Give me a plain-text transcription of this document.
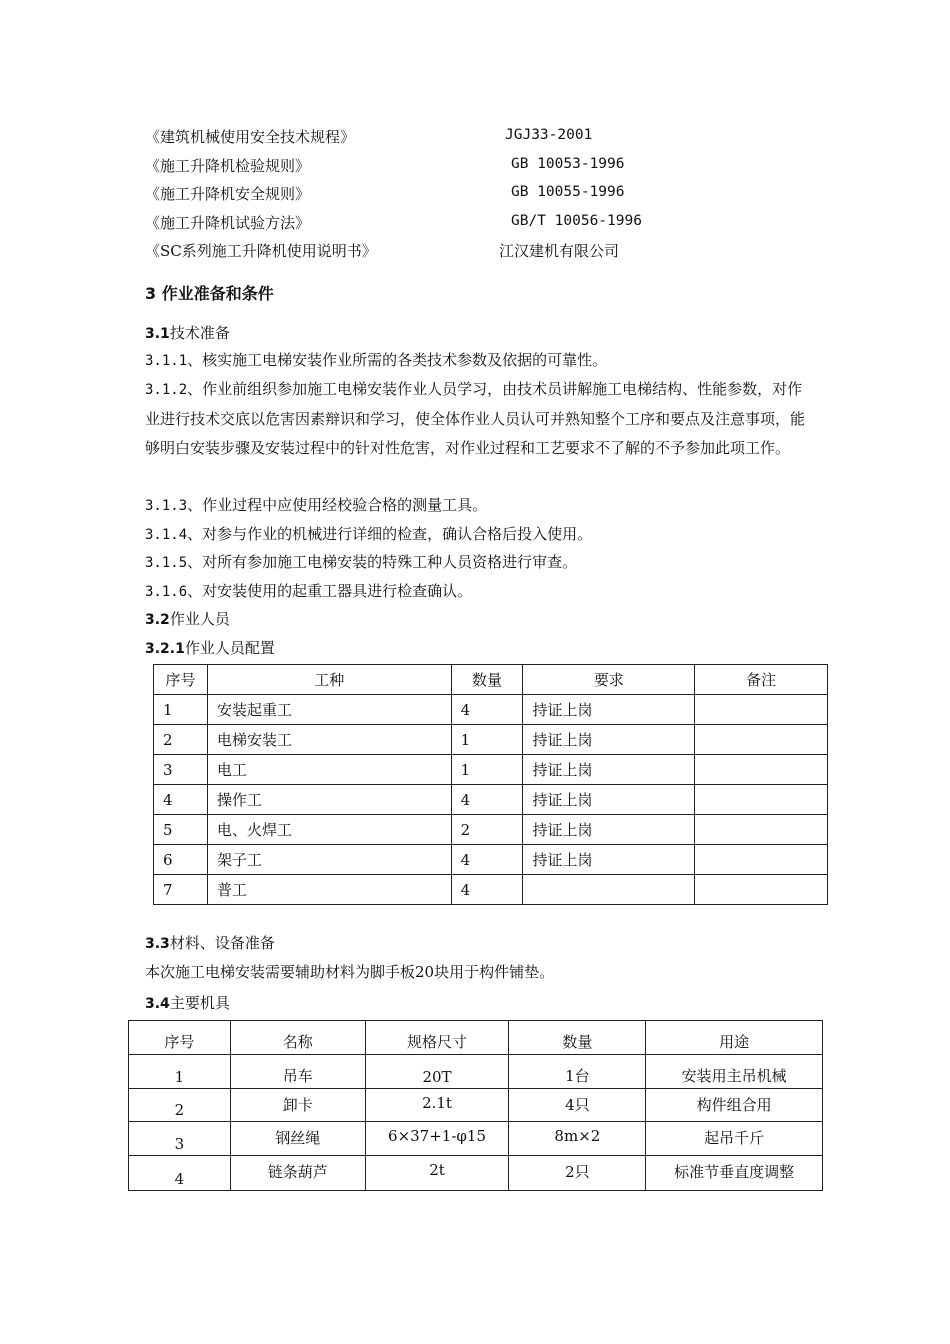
《建筑机械使用安全技术规程》	JGJ33-2001
《施工升降机检验规则》	GB 10053-1996
《施工升降机安全规则》	GB 10055-1996
《施工升降机试验方法》	GB/T 10056-1996
《SC系列施工升降机使用说明书》	江汉建机有限公司
3 作业准备和条件
3.1技术准备
3.1.1、核实施工电梯安装作业所需的各类技术参数及依据的可靠性。
3.1.2、作业前组织参加施工电梯安装作业人员学习，由技术员讲解施工电梯结构、性能参数，对作业进行技术交底以危害因素辩识和学习，使全体作业人员认可并熟知整个工序和要点及注意事项，能够明白安装步骤及安装过程中的针对性危害，对作业过程和工艺要求不了解的不予参加此项工作。
3.1.3、作业过程中应使用经校验合格的测量工具。
3.1.4、对参与作业的机械进行详细的检查，确认合格后投入使用。
3.1.5、对所有参加施工电梯安装的特殊工种人员资格进行审查。
3.1.6、对安装使用的起重工器具进行检查确认。
3.2作业人员
3.2.1作业人员配置
序号	工种	数量	要求	备注
1	安装起重工	4	持证上岗	
2	电梯安装工	1	持证上岗	
3	电工	1	持证上岗	
4	操作工	4	持证上岗	
5	电、火焊工	2	持证上岗	
6	架子工	4	持证上岗	
7	普工	4		
3.3材料、设备准备
本次施工电梯安装需要辅助材料为脚手板20块用于构件铺垫。
3.4主要机具
序号	名称	规格尺寸	数量	用途
1	吊车	20T	1台	安装用主吊机械
2	卸卡	2.1t	4只	构件组合用
3	钢丝绳	6×37+1-φ15	8m×2	起吊千斤
4	链条葫芦	2t	2只	标准节垂直度调整
